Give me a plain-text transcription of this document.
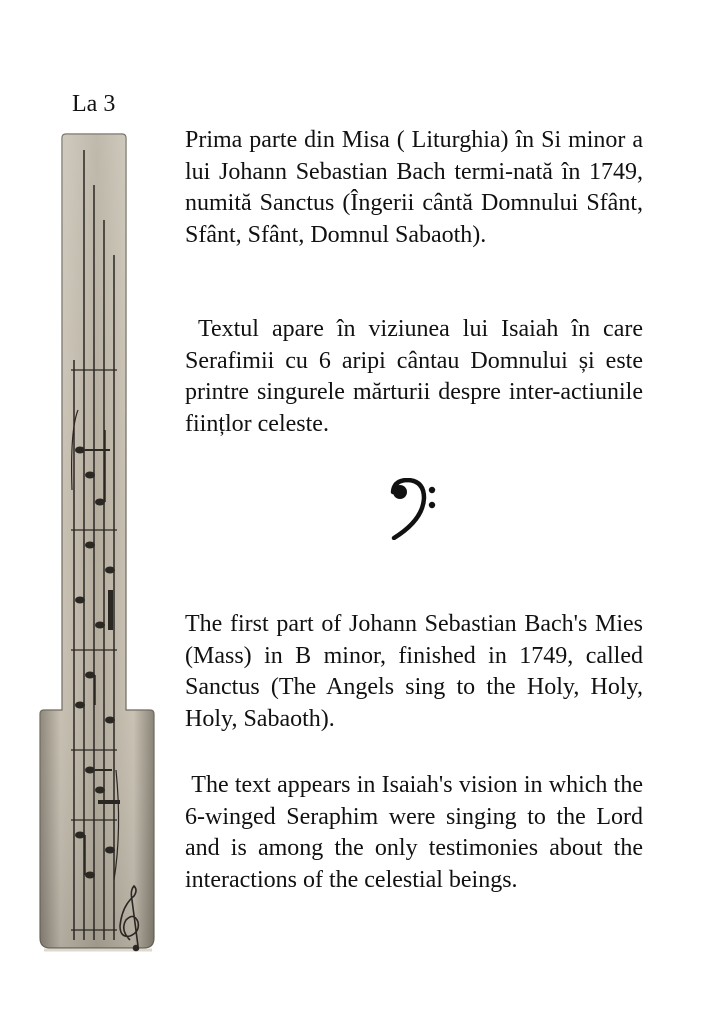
La 3

Prima parte din Misa ( Liturghia) în Si minor a lui Johann Sebastian Bach termi-nată în 1749, numită Sanctus (Îngerii cântă Domnului Sfânt, Sfânt, Sfânt, Domnul Sabaoth).

Textul apare în viziunea lui Isaiah în care Serafimii cu 6 aripi cântau Domnului și este printre singurele mărturii despre inter-actiunile ființlor celeste.

The first part of Johann Sebastian Bach's Mies (Mass) in B minor, finished in 1749, called Sanctus (The Angels sing to the Holy, Holy, Holy, Sabaoth).

The text appears in Isaiah's vision in which the 6-winged Seraphim were singing to the Lord and is among the only testimonies about the interactions of the celestial beings.
